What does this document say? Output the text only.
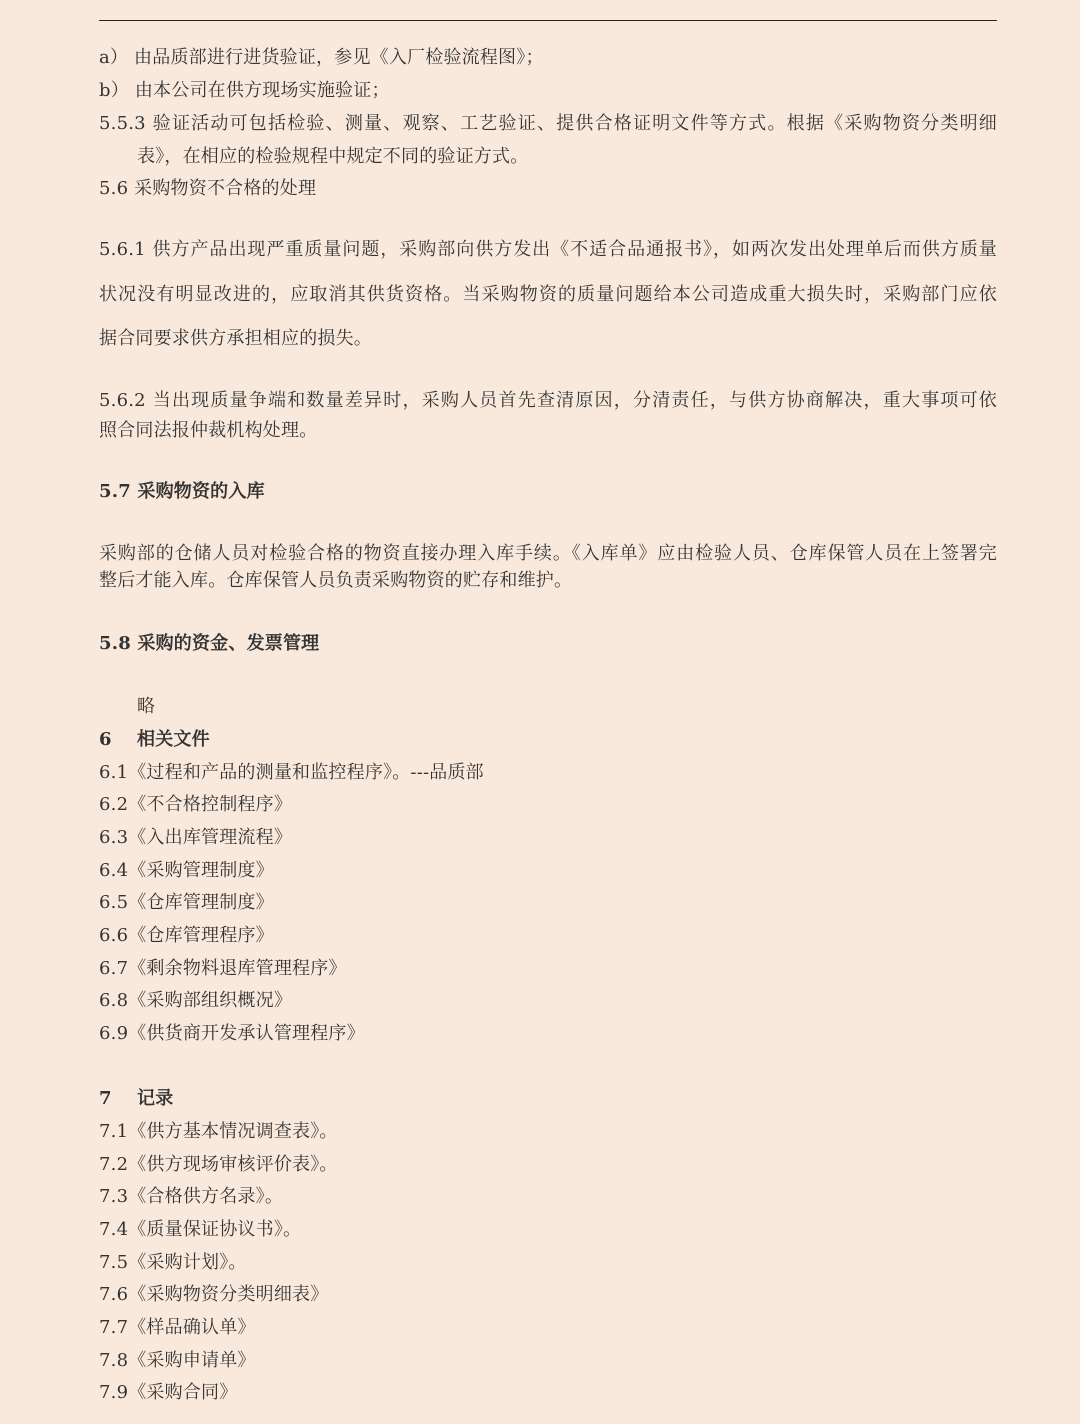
a） 由品质部进行进货验证，参见《入厂检验流程图》；
b） 由本公司在供方现场实施验证；
5.5.3 验证活动可包括检验、测量、观察、工艺验证、提供合格证明文件等方式。根据《采购物资分类明细
表》，在相应的检验规程中规定不同的验证方式。
5.6 采购物资不合格的处理
5.6.1 供方产品出现严重质量问题，采购部向供方发出《不适合品通报书》，如两次发出处理单后而供方质量
状况没有明显改进的，应取消其供货资格。当采购物资的质量问题给本公司造成重大损失时，采购部门应依
据合同要求供方承担相应的损失。
5.6.2 当出现质量争端和数量差异时，采购人员首先查清原因，分清责任，与供方协商解决，重大事项可依
照合同法报仲裁机构处理。
5.7 采购物资的入库
采购部的仓储人员对检验合格的物资直接办理入库手续。《入库单》应由检验人员、仓库保管人员在上签署完
整后才能入库。仓库保管人员负责采购物资的贮存和维护。
5.8 采购的资金、发票管理
略
6 相关文件
6.1《过程和产品的测量和监控程序》。---品质部
6.2《不合格控制程序》
6.3《入出库管理流程》
6.4《采购管理制度》
6.5《仓库管理制度》
6.6《仓库管理程序》
6.7《剩余物料退库管理程序》
6.8《采购部组织概况》
6.9《供货商开发承认管理程序》
7 记录
7.1《供方基本情况调查表》。
7.2《供方现场审核评价表》。
7.3《合格供方名录》。
7.4《质量保证协议书》。
7.5《采购计划》。
7.6《采购物资分类明细表》
7.7《样品确认单》
7.8《采购申请单》
7.9《采购合同》
